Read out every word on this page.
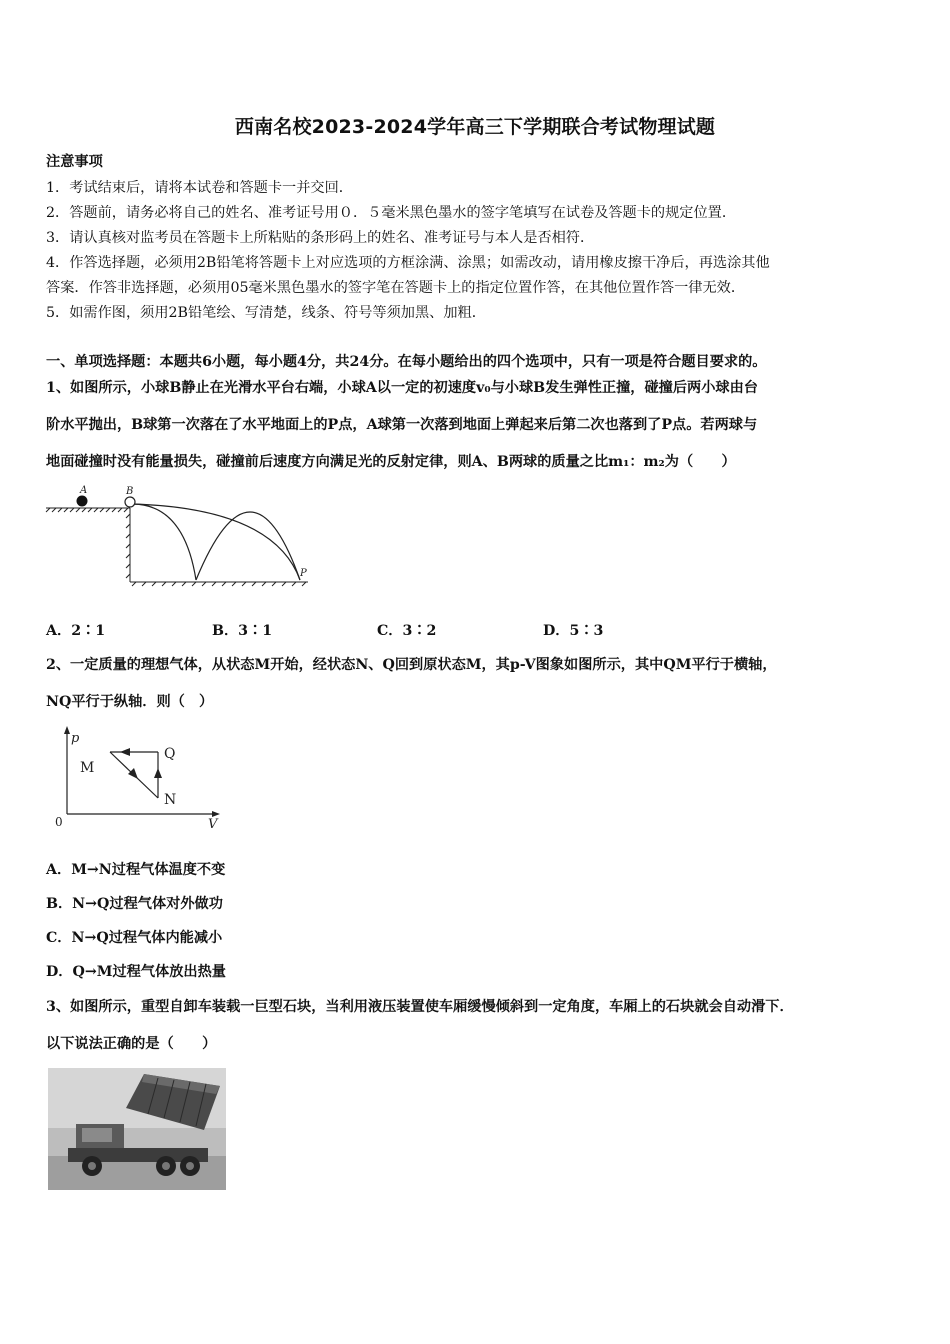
西南名校2023-2024学年高三下学期联合考试物理试题
注意事项
1．考试结束后，请将本试卷和答题卡一并交回．
2．答题前，请务必将自己的姓名、准考证号用０．５毫米黑色墨水的签字笔填写在试卷及答题卡的规定位置．
3．请认真核对监考员在答题卡上所粘贴的条形码上的姓名、准考证号与本人是否相符．
4．作答选择题，必须用2B铅笔将答题卡上对应选项的方框涂满、涂黑；如需改动，请用橡皮擦干净后，再选涂其他
答案．作答非选择题，必须用05毫米黑色墨水的签字笔在答题卡上的指定位置作答，在其他位置作答一律无效．
5．如需作图，须用2B铅笔绘、写清楚，线条、符号等须加黑、加粗．
一、单项选择题：本题共6小题，每小题4分，共24分。在每小题给出的四个选项中，只有一项是符合题目要求的。
1、如图所示，小球B静止在光滑水平台右端，小球A以一定的初速度v₀与小球B发生弹性正撞，碰撞后两小球由台
阶水平抛出，B球第一次落在了水平地面上的P点，A球第一次落到地面上弹起来后第二次也落到了P点。若两球与
地面碰撞时没有能量损失，碰撞前后速度方向满足光的反射定律，则A、B两球的质量之比m₁：m₂为（　　）
A	B
P
A．2∶1	B．3∶1	C．3∶2	D．5∶3
2、一定质量的理想气体，从状态M开始，经状态N、Q回到原状态M，其p-V图象如图所示，其中QM平行于横轴，
NQ平行于纵轴．则（　）
p
V
0
M
N
Q
A．M→N过程气体温度不变
B．N→Q过程气体对外做功
C．N→Q过程气体内能减小
D．Q→M过程气体放出热量
3、如图所示，重型自卸车装载一巨型石块，当利用液压装置使车厢缓慢倾斜到一定角度，车厢上的石块就会自动滑下．
以下说法正确的是（　　）
